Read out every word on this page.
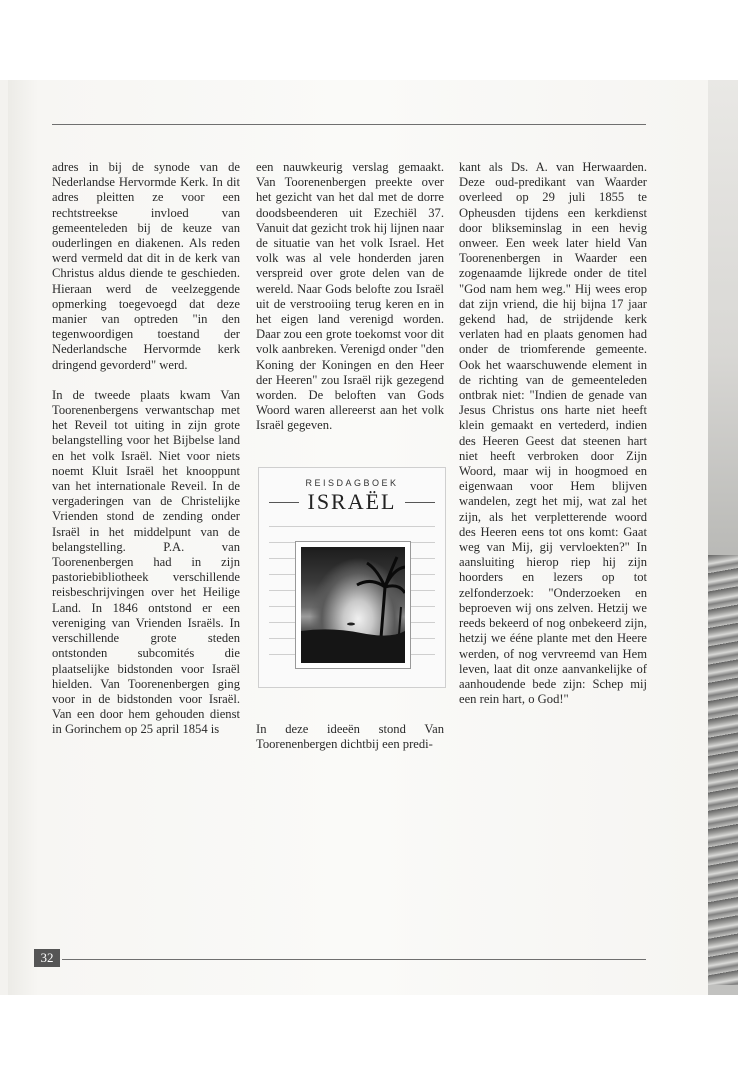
adres in bij de synode van de Nederlandse Hervormde Kerk. In dit adres pleitten ze voor een rechtstreekse invloed van gemeenteleden bij de keuze van ouderlingen en diakenen. Als reden werd vermeld dat dit in de kerk van Christus aldus diende te geschieden. Hieraan werd de veelzeggende opmerking toegevoegd dat deze manier van optreden "in den tegenwoordigen toestand der Nederlandsche Hervormde kerk dringend gevorderd" werd.

In de tweede plaats kwam Van Toorenenbergens verwantschap met het Reveil tot uiting in zijn grote belangstelling voor het Bijbelse land en het volk Israël. Niet voor niets noemt Kluit Israël het knooppunt van het internationale Reveil. In de vergaderingen van de Christelijke Vrienden stond de zending onder Israël in het middelpunt van de belangstelling. P.A. van Toorenenbergen had in zijn pastoriebibliotheek verschillende reisbeschrijvingen over het Heilige Land. In 1846 ontstond er een vereniging van Vrienden Israëls. In verschillende grote steden ontstonden subcomités die plaatselijke bidstonden voor Israël hielden. Van Toorenenbergen ging voor in de bidstonden voor Israël. Van een door hem gehouden dienst in Gorinchem op 25 april 1854 is

een nauwkeurig verslag gemaakt. Van Toorenenbergen preekte over het gezicht van het dal met de dorre doodsbeenderen uit Ezechiël 37. Vanuit dat gezicht trok hij lijnen naar de situatie van het volk Israel. Het volk was al vele honderden jaren verspreid over grote delen van de wereld. Naar Gods belofte zou Israël uit de verstrooiing terug keren en in het eigen land verenigd worden. Daar zou een grote toekomst voor dit volk aanbreken. Verenigd onder "den Koning der Koningen en den Heer der Heeren" zou Israël rijk gezegend worden. De beloften van Gods Woord waren allereerst aan het volk Israël gegeven.

REISDAGBOEK
ISRAËL
In deze ideeën stond Van Toorenenbergen dichtbij een predi-

kant als Ds. A. van Herwaarden. Deze oud-predikant van Waarder overleed op 29 juli 1855 te Opheusden tijdens een kerkdienst door blikseminslag in een hevig onweer. Een week later hield Van Toorenenbergen in Waarder een zogenaamde lijkrede onder de titel "God nam hem weg." Hij wees erop dat zijn vriend, die hij bijna 17 jaar gekend had, de strijdende kerk verlaten had en plaats genomen had onder de triomferende gemeente. Ook het waarschuwende element in de richting van de gemeenteleden ontbrak niet: "Indien de genade van Jesus Christus ons harte niet heeft klein gemaakt en vertederd, indien des Heeren Geest dat steenen hart niet heeft verbroken door Zijn Woord, maar wij in hoogmoed en eigenwaan voor Hem blijven wandelen, zegt het mij, wat zal het zijn, als het verpletterende woord des Heeren eens tot ons komt: Gaat weg van Mij, gij vervloekten?" In aansluiting hierop riep hij zijn hoorders en lezers op tot zelfonderzoek: "Onderzoeken en beproeven wij ons zelven. Hetzij we reeds bekeerd of nog onbekeerd zijn, hetzij we ééne plante met den Heere werden, of nog vervreemd van Hem leven, laat dit onze aanvankelijke of aanhoudende bede zijn: Schep mij een rein hart, o God!"

32
